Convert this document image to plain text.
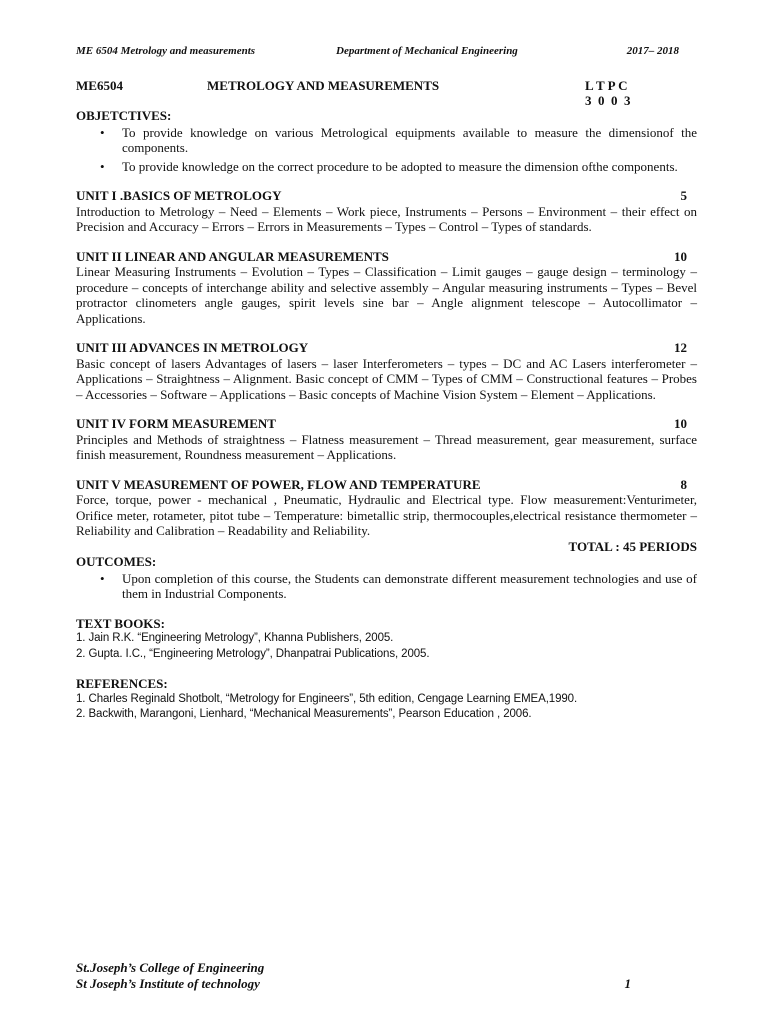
ME 6504 Metrology and measurements	Department of Mechanical Engineering	2017– 2018
ME6504	METROLOGY AND MEASUREMENTS	L T P C
3  0  0  3

OBJETCTIVES:

• To provide knowledge on various Metrological equipments available to measure the dimensionof the components.
• To provide knowledge on the correct procedure to be adopted to measure the dimension ofthe components.
UNIT I .BASICS OF METROLOGY	5

Introduction to Metrology – Need – Elements – Work piece, Instruments – Persons – Environment – their effect on Precision and Accuracy – Errors – Errors in Measurements – Types – Control – Types of standards.

UNIT II LINEAR AND ANGULAR MEASUREMENTS	10

Linear Measuring Instruments – Evolution – Types – Classification – Limit gauges – gauge design – terminology – procedure – concepts of interchange ability and selective assembly – Angular measuring instruments – Types – Bevel protractor clinometers angle gauges, spirit levels sine bar – Angle alignment telescope – Autocollimator – Applications.

UNIT III ADVANCES IN METROLOGY	12

Basic concept of lasers Advantages of lasers – laser Interferometers – types – DC and AC Lasers interferometer – Applications – Straightness – Alignment. Basic concept of CMM – Types of CMM – Constructional features – Probes – Accessories – Software – Applications – Basic concepts of Machine Vision System – Element – Applications.

UNIT IV FORM MEASUREMENT	10

Principles and Methods of straightness – Flatness measurement – Thread measurement, gear measurement, surface finish measurement, Roundness measurement – Applications.

UNIT V MEASUREMENT OF POWER, FLOW AND TEMPERATURE	8

Force, torque, power - mechanical , Pneumatic, Hydraulic and Electrical type. Flow measurement:Venturimeter, Orifice meter, rotameter, pitot tube – Temperature: bimetallic strip, thermocouples,electrical resistance thermometer – Reliability and Calibration – Readability and Reliability.

TOTAL : 45 PERIODS

OUTCOMES:

• Upon completion of this course, the Students can demonstrate different measurement technologies and use of them in Industrial Components.

TEXT BOOKS:

1. Jain R.K. “Engineering Metrology”, Khanna Publishers, 2005.
2. Gupta. I.C., “Engineering Metrology”, Dhanpatrai Publications, 2005.

REFERENCES:

1. Charles Reginald Shotbolt, “Metrology for Engineers”, 5th edition, Cengage Learning EMEA,1990.
2. Backwith, Marangoni, Lienhard, “Mechanical Measurements”, Pearson Education , 2006.
St.Joseph’s College of Engineering
St Joseph’s Institute of technology	1
